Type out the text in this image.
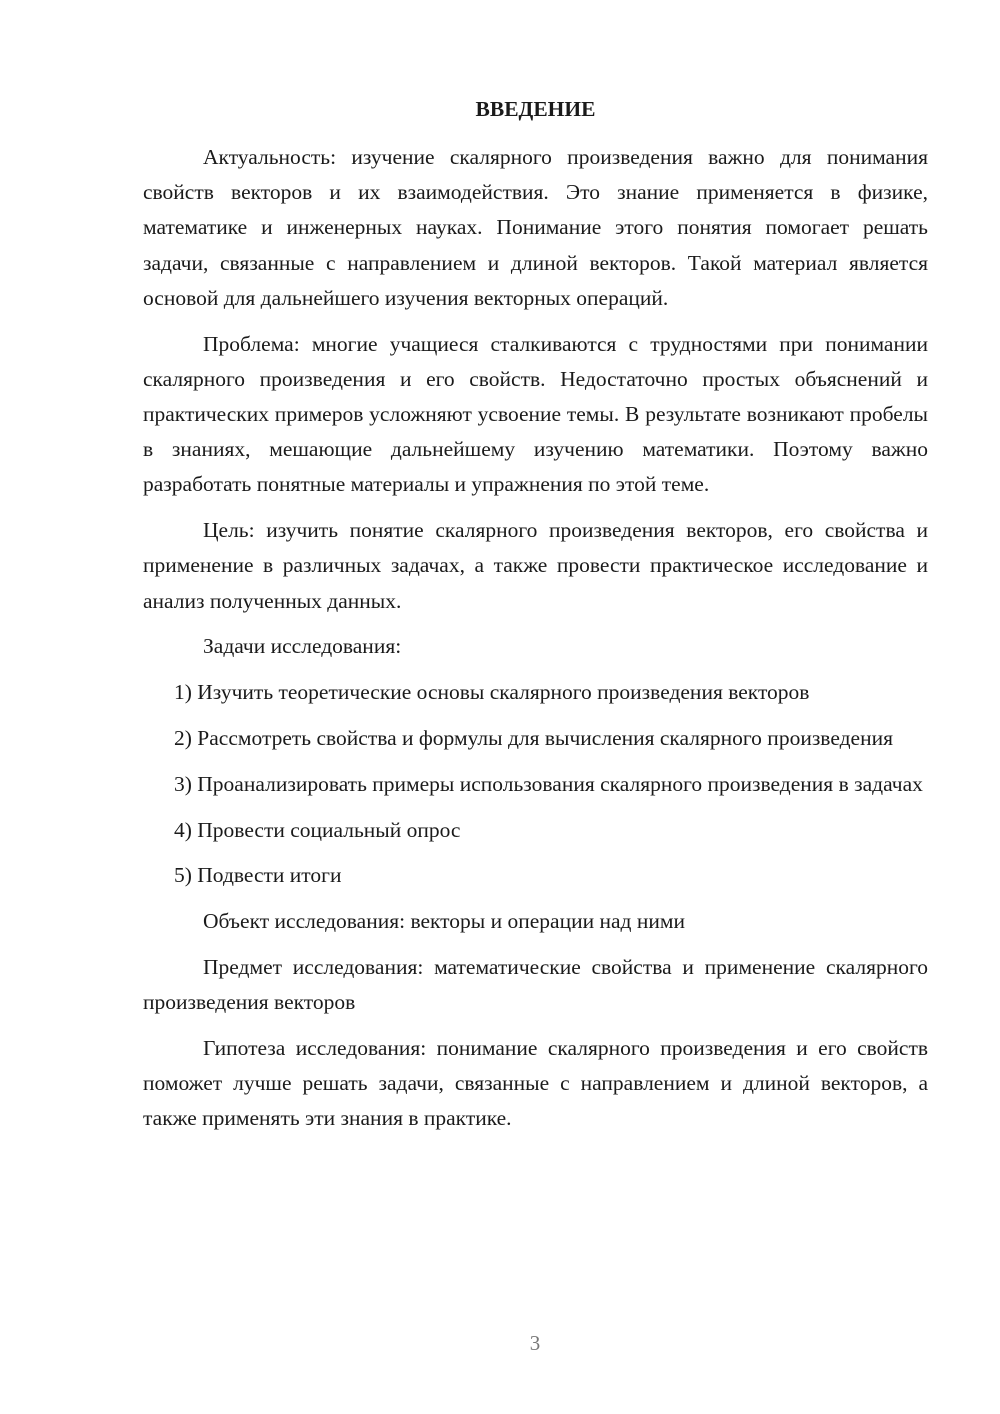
ВВЕДЕНИЕ

Актуальность: изучение скалярного произведения важно для понимания свойств векторов и их взаимодействия. Это знание применяется в физике, математике и инженерных науках. Понимание этого понятия помогает решать задачи, связанные с направлением и длиной векторов. Такой материал является основой для дальнейшего изучения векторных операций.

Проблема: многие учащиеся сталкиваются с трудностями при понимании скалярного произведения и его свойств. Недостаточно простых объяснений и практических примеров усложняют усвоение темы. В результате возникают пробелы в знаниях, мешающие дальнейшему изучению математики. Поэтому важно разработать понятные материалы и упражнения по этой теме.

Цель: изучить понятие скалярного произведения векторов, его свойства и применение в различных задачах, а также провести практическое исследование и анализ полученных данных.

Задачи исследования:

1) Изучить теоретические основы скалярного произведения векторов

2) Рассмотреть свойства и формулы для вычисления скалярного произведения

3) Проанализировать примеры использования скалярного произведения в задачах

4) Провести социальный опрос

5) Подвести итоги

Объект исследования: векторы и операции над ними

Предмет исследования: математические свойства и применение скалярного произведения векторов

Гипотеза исследования: понимание скалярного произведения и его свойств поможет лучше решать задачи, связанные с направлением и длиной векторов, а также применять эти знания в практике.

3
